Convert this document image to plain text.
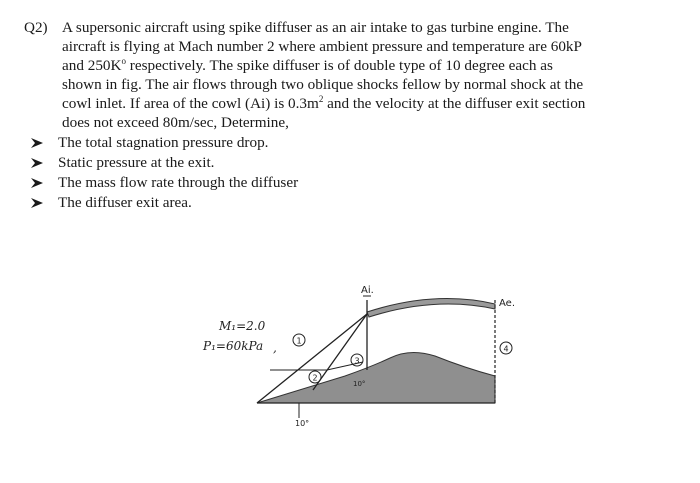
Q2) A supersonic aircraft using spike diffuser as an air intake to gas turbine engine. The
aircraft is flying at Mach number 2 where ambient pressure and temperature are 60kP
and $250K^o$ respectively. The spike diffuser is of double type of 10 degree each as
shown in fig. The air flows through two oblique shocks fellow by normal shock at the
cowl inlet. If area of the cowl (Ai) is $0.3m^2$ and the velocity at the diffuser exit section
does not exceed 80m/sec, Determine,
The total stagnation pressure drop.
Static pressure at the exit.
The mass flow rate through the diffuser
The diffuser exit area.
M₁=2.0
P₁=60kPa ,
Ai.
Ae.
10°
10°
1
2
3
4
